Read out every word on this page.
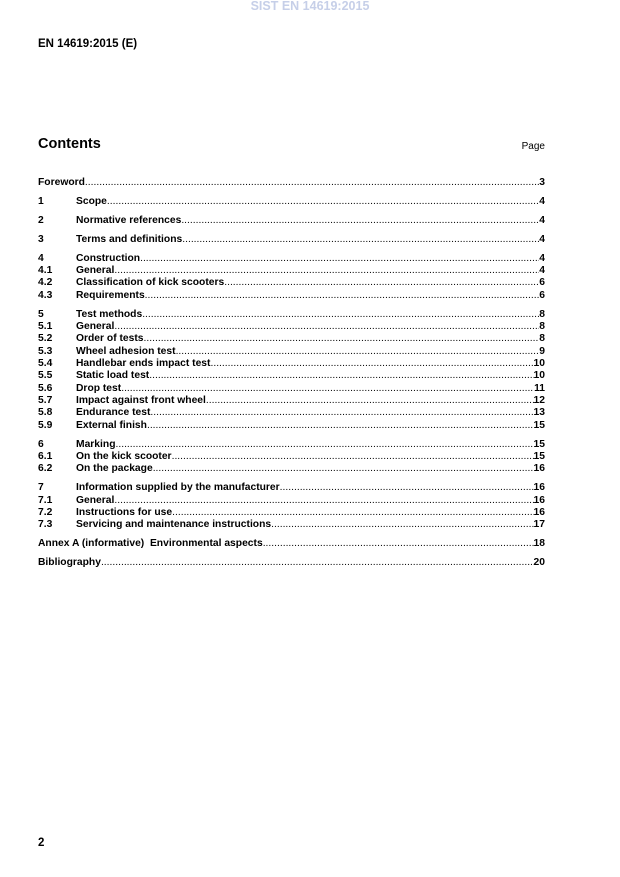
SIST EN 14619:2015
EN 14619:2015 (E)
Contents	Page
Foreword .....	3
1	Scope .....	4
2	Normative references .....	4
3	Terms and definitions .....	4
4	Construction .....	4
4.1	General .....	4
4.2	Classification of kick scooters .....	6
4.3	Requirements .....	6
5	Test methods .....	8
5.1	General .....	8
5.2	Order of tests .....	8
5.3	Wheel adhesion test .....	9
5.4	Handlebar ends impact test .....	10
5.5	Static load test .....	10
5.6	Drop test .....	11
5.7	Impact against front wheel .....	12
5.8	Endurance test .....	13
5.9	External finish .....	15
6	Marking .....	15
6.1	On the kick scooter .....	15
6.2	On the package .....	16
7	Information supplied by the manufacturer .....	16
7.1	General .....	16
7.2	Instructions for use .....	16
7.3	Servicing and maintenance instructions .....	17
Annex A (informative)  Environmental aspects .....	18
Bibliography .....	20
2
